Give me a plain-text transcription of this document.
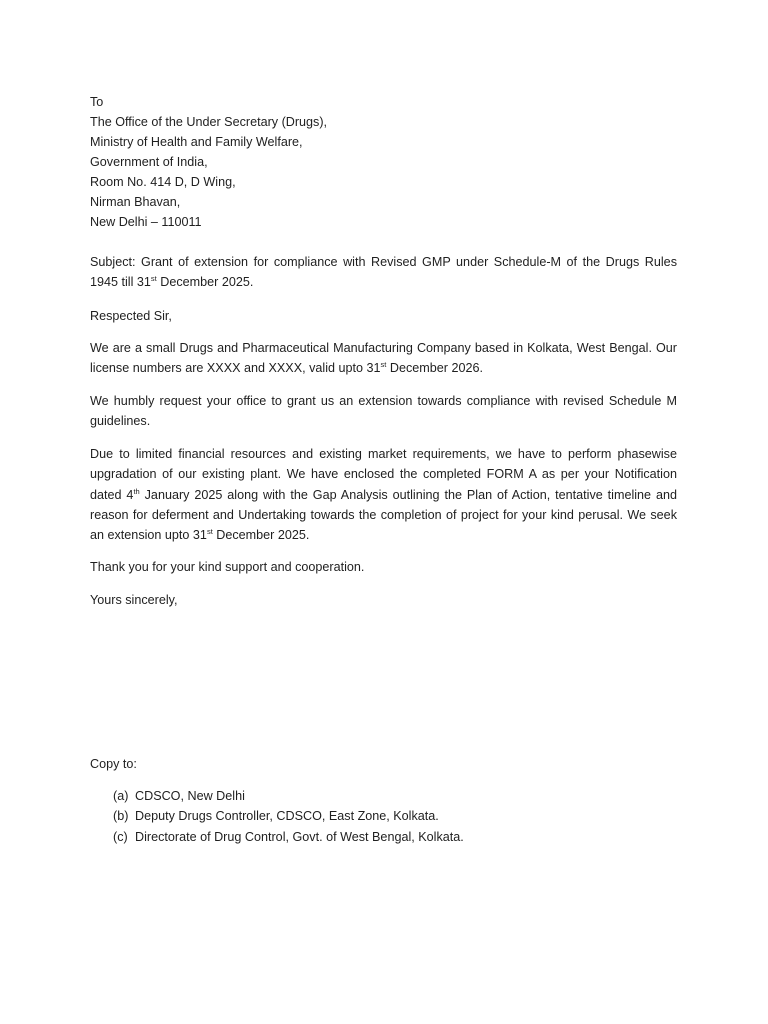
To
The Office of the Under Secretary (Drugs),
Ministry of Health and Family Welfare,
Government of India,
Room No. 414 D, D Wing,
Nirman Bhavan,
New Delhi – 110011
Subject: Grant of extension for compliance with Revised GMP under Schedule-M of the Drugs Rules
1945 till 31st December 2025.
Respected Sir,
We are a small Drugs and Pharmaceutical Manufacturing Company based in Kolkata, West Bengal. Our license numbers are XXXX and XXXX, valid upto 31st December 2026.
We humbly request your office to grant us an extension towards compliance with revised Schedule M guidelines.
Due to limited financial resources and existing market requirements, we have to perform phasewise upgradation of our existing plant. We have enclosed the completed FORM A as per your Notification dated 4th January 2025 along with the Gap Analysis outlining the Plan of Action, tentative timeline and reason for deferment and Undertaking towards the completion of project for your kind perusal. We seek an extension upto 31st December 2025.
Thank you for your kind support and cooperation.
Yours sincerely,
Copy to:
(a) CDSCO, New Delhi
(b) Deputy Drugs Controller, CDSCO, East Zone, Kolkata.
(c) Directorate of Drug Control, Govt. of West Bengal, Kolkata.
